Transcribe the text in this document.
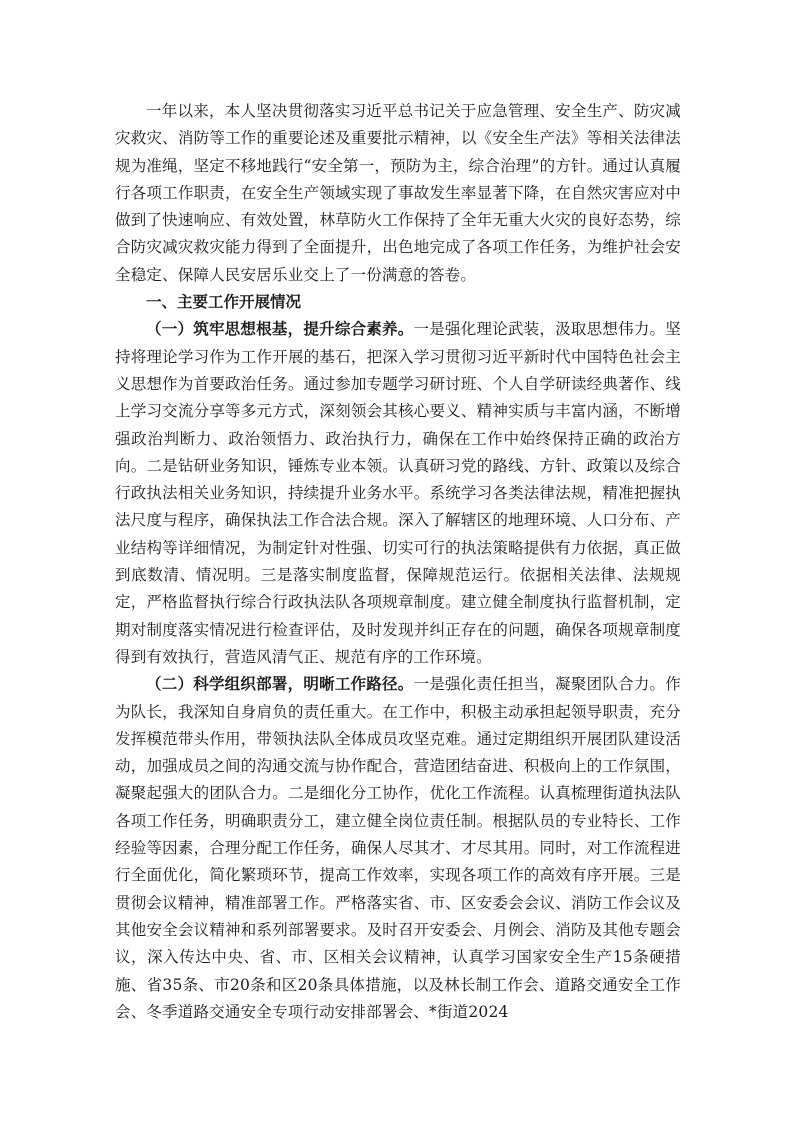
一年以来，本人坚决贯彻落实习近平总书记关于应急管理、安全生产、防灾减灾救灾、消防等工作的重要论述及重要批示精神，以《安全生产法》等相关法律法规为准绳，坚定不移地践行“安全第一，预防为主，综合治理”的方针。通过认真履行各项工作职责，在安全生产领域实现了事故发生率显著下降，在自然灾害应对中做到了快速响应、有效处置，林草防火工作保持了全年无重大火灾的良好态势，综合防灾减灾救灾能力得到了全面提升，出色地完成了各项工作任务，为维护社会安全稳定、保障人民安居乐业交上了一份满意的答卷。

一、主要工作开展情况

（一）筑牢思想根基，提升综合素养。一是强化理论武装，汲取思想伟力。坚持将理论学习作为工作开展的基石，把深入学习贯彻习近平新时代中国特色社会主义思想作为首要政治任务。通过参加专题学习研讨班、个人自学研读经典著作、线上学习交流分享等多元方式，深刻领会其核心要义、精神实质与丰富内涵，不断增强政治判断力、政治领悟力、政治执行力，确保在工作中始终保持正确的政治方向。二是钻研业务知识，锤炼专业本领。认真研习党的路线、方针、政策以及综合行政执法相关业务知识，持续提升业务水平。系统学习各类法律法规，精准把握执法尺度与程序，确保执法工作合法合规。深入了解辖区的地理环境、人口分布、产业结构等详细情况，为制定针对性强、切实可行的执法策略提供有力依据，真正做到底数清、情况明。三是落实制度监督，保障规范运行。依据相关法律、法规规定，严格监督执行综合行政执法队各项规章制度。建立健全制度执行监督机制，定期对制度落实情况进行检查评估，及时发现并纠正存在的问题，确保各项规章制度得到有效执行，营造风清气正、规范有序的工作环境。

（二）科学组织部署，明晰工作路径。一是强化责任担当，凝聚团队合力。作为队长，我深知自身肩负的责任重大。在工作中，积极主动承担起领导职责，充分发挥模范带头作用，带领执法队全体成员攻坚克难。通过定期组织开展团队建设活动，加强成员之间的沟通交流与协作配合，营造团结奋进、积极向上的工作氛围，凝聚起强大的团队合力。二是细化分工协作，优化工作流程。认真梳理街道执法队各项工作任务，明确职责分工，建立健全岗位责任制。根据队员的专业特长、工作经验等因素，合理分配工作任务，确保人尽其才、才尽其用。同时，对工作流程进行全面优化，简化繁琐环节，提高工作效率，实现各项工作的高效有序开展。三是贯彻会议精神，精准部署工作。严格落实省、市、区安委会会议、消防工作会议及其他安全会议精神和系列部署要求。及时召开安委会、月例会、消防及其他专题会议，深入传达中央、省、市、区相关会议精神，认真学习国家安全生产15条硬措施、省35条、市20条和区20条具体措施，以及林长制工作会、道路交通安全工作会、冬季道路交通安全专项行动安排部署会、*街道2024
